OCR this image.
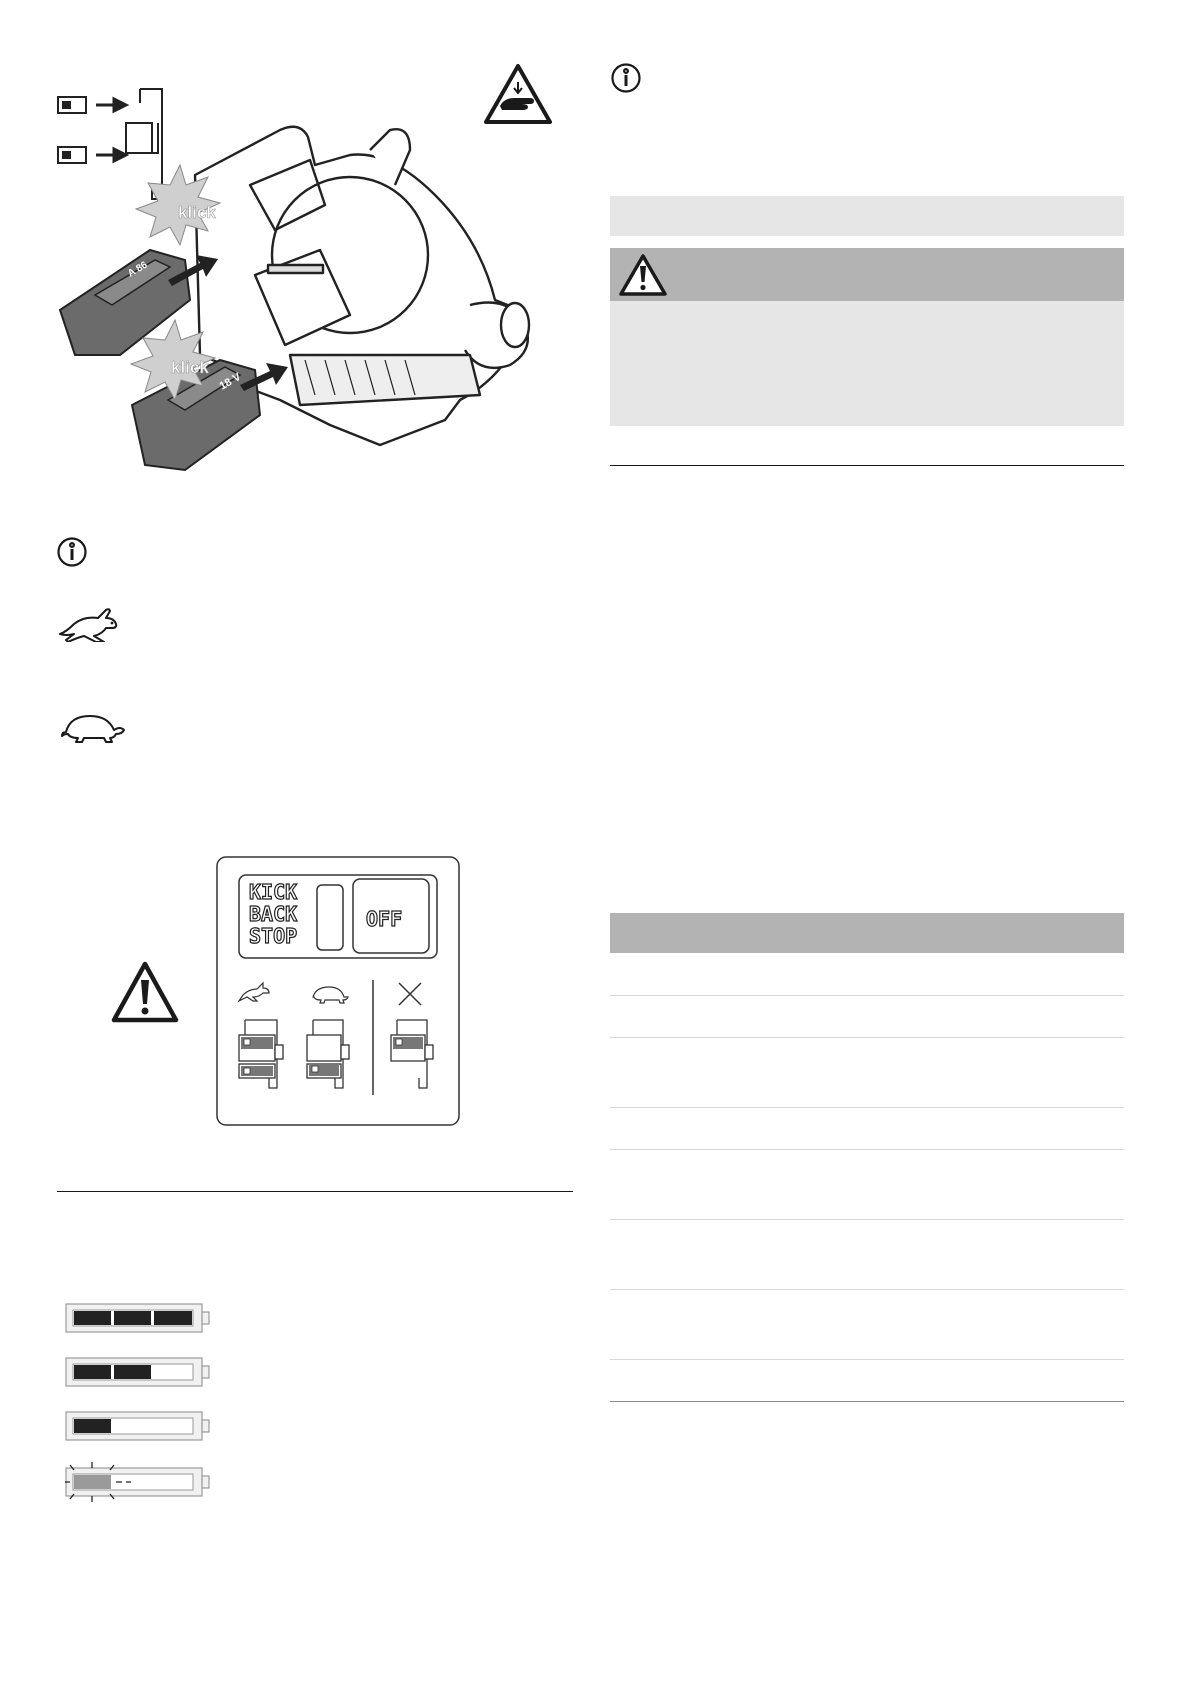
A 86
18 V
klick
klick
KICK
BACK
STOP
OFF
